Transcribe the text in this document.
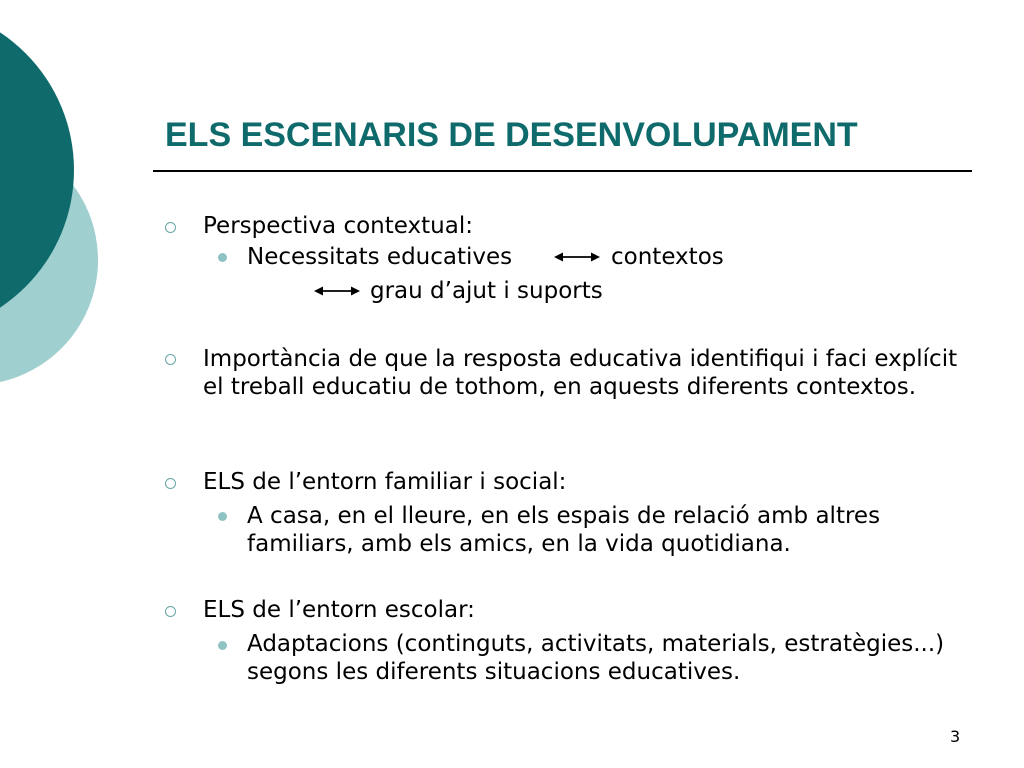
ELS ESCENARIS DE DESENVOLUPAMENT
Perspectiva contextual:
Necessitats educatives	contextos
grau d’ajut i suports
Importància de que la resposta educativa identifiqui i faci explícit el treball educatiu de tothom, en aquests diferents contextos.
ELS de l’entorn familiar i social:
A casa, en el lleure, en els espais de relació amb altres familiars, amb els amics, en la vida quotidiana.
ELS de l’entorn escolar:
Adaptacions (continguts, activitats, materials, estratègies...) segons les diferents situacions educatives.
3
